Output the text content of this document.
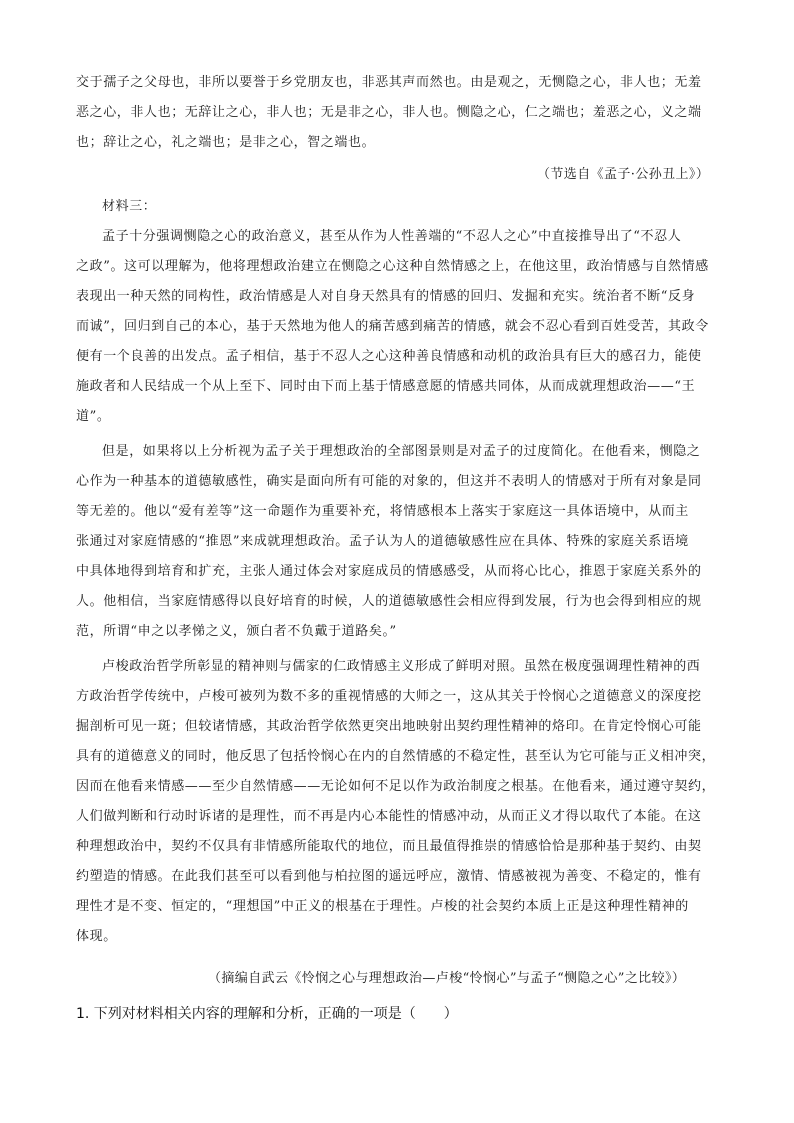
交于孺子之父母也，非所以要誉于乡党朋友也，非恶其声而然也。由是观之，无恻隐之心，非人也；无羞
恶之心，非人也；无辞让之心，非人也；无是非之心，非人也。恻隐之心，仁之端也；羞恶之心，义之端
也；辞让之心，礼之端也；是非之心，智之端也。
（节选自《孟子·公孙丑上》）
材料三：
孟子十分强调恻隐之心的政治意义，甚至从作为人性善端的“不忍人之心”中直接推导出了“不忍人
之政”。这可以理解为，他将理想政治建立在恻隐之心这种自然情感之上，在他这里，政治情感与自然情感
表现出一种天然的同构性，政治情感是人对自身天然具有的情感的回归、发掘和充实。统治者不断“反身
而诚”，回归到自己的本心，基于天然地为他人的痛苦感到痛苦的情感，就会不忍心看到百姓受苦，其政令
便有一个良善的出发点。孟子相信，基于不忍人之心这种善良情感和动机的政治具有巨大的感召力，能使
施政者和人民结成一个从上至下、同时由下而上基于情感意愿的情感共同体，从而成就理想政治——“王
道”。
但是，如果将以上分析视为孟子关于理想政治的全部图景则是对孟子的过度简化。在他看来，恻隐之
心作为一种基本的道德敏感性，确实是面向所有可能的对象的，但这并不表明人的情感对于所有对象是同
等无差的。他以“爱有差等”这一命题作为重要补充，将情感根本上落实于家庭这一具体语境中，从而主
张通过对家庭情感的“推恩”来成就理想政治。孟子认为人的道德敏感性应在具体、特殊的家庭关系语境
中具体地得到培育和扩充，主张人通过体会对家庭成员的情感感受，从而将心比心，推恩于家庭关系外的
人。他相信，当家庭情感得以良好培育的时候，人的道德敏感性会相应得到发展，行为也会得到相应的规
范，所谓“申之以孝悌之义，颁白者不负戴于道路矣。”
卢梭政治哲学所彰显的精神则与儒家的仁政情感主义形成了鲜明对照。虽然在极度强调理性精神的西
方政治哲学传统中，卢梭可被列为数不多的重视情感的大师之一，这从其关于怜悯心之道德意义的深度挖
掘剖析可见一斑；但较诸情感，其政治哲学依然更突出地映射出契约理性精神的烙印。在肯定怜悯心可能
具有的道德意义的同时，他反思了包括怜悯心在内的自然情感的不稳定性，甚至认为它可能与正义相冲突，
因而在他看来情感——至少自然情感——无论如何不足以作为政治制度之根基。在他看来，通过遵守契约，
人们做判断和行动时诉诸的是理性，而不再是内心本能性的情感冲动，从而正义才得以取代了本能。在这
种理想政治中，契约不仅具有非情感所能取代的地位，而且最值得推崇的情感恰恰是那种基于契约、由契
约塑造的情感。在此我们甚至可以看到他与柏拉图的遥远呼应，激情、情感被视为善变、不稳定的，惟有
理性才是不变、恒定的，“理想国”中正义的根基在于理性。卢梭的社会契约本质上正是这种理性精神的
体现。
（摘编自武云《怜悯之心与理想政治—卢梭“怜悯心”与孟子“恻隐之心”之比较》）
1. 下列对材料相关内容的理解和分析，正确的一项是（　　）
